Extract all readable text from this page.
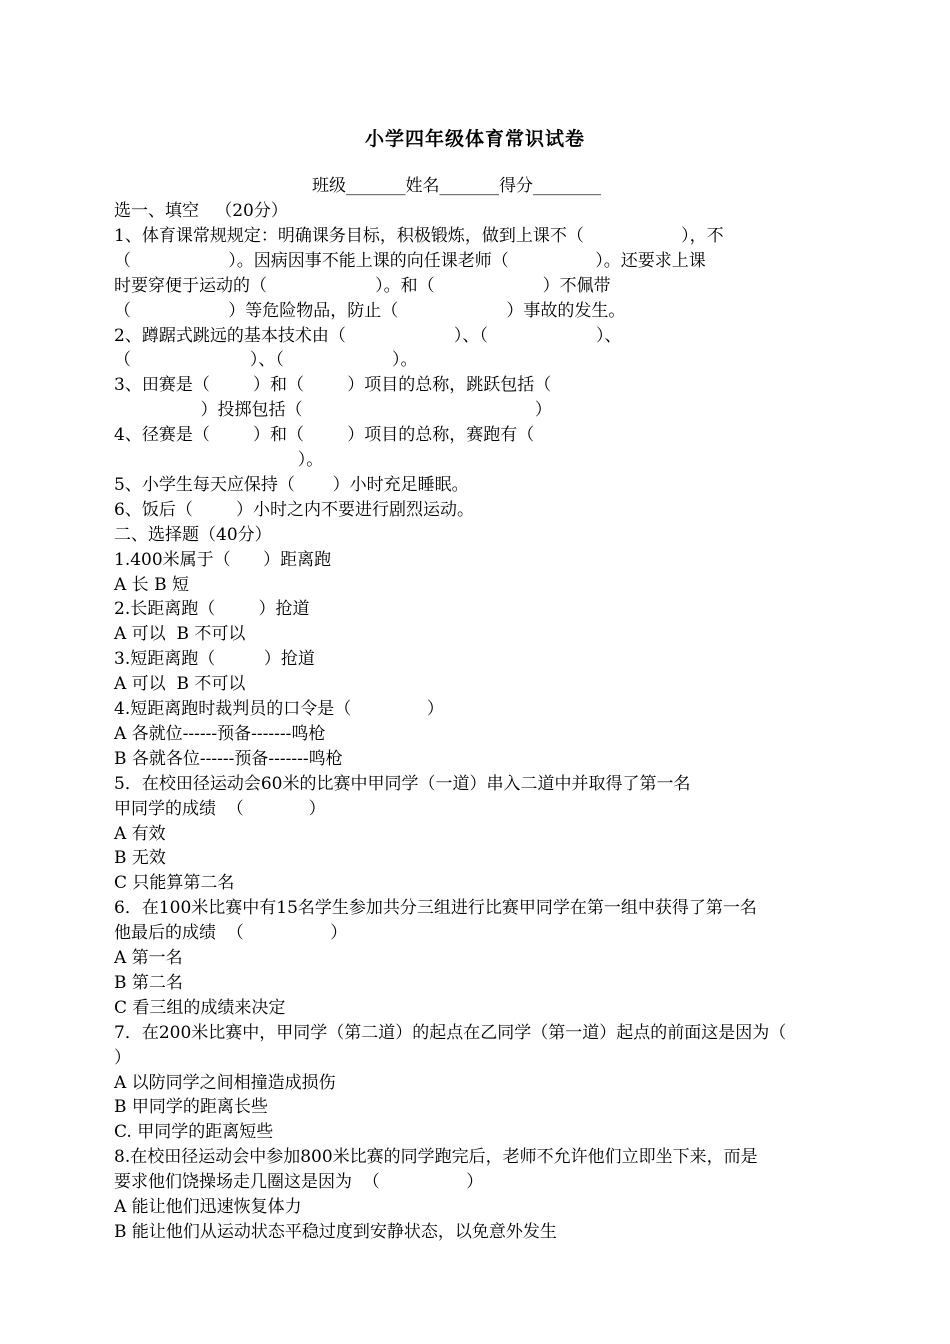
小学四年级体育常识试卷
班级_______姓名_______得分________
选一、填空   （20分）
1、体育课常规规定：明确课务目标，积极锻炼，做到上课不（                  ），不
（                  ）。因病因事不能上课的向任课老师（                ）。还要求上课
时要穿便于运动的（                    ）。和（                    ）不佩带
（                  ）等危险物品，防止（                    ）事故的发生。
2、蹲踞式跳远的基本技术由（                    ）、（                    ）、
（                      ）、（                    ）。
3、田赛是（        ）和（        ）项目的总称，跳跃包括（
）投掷包括（                                           ）
4、径赛是（        ）和（        ）项目的总称，赛跑有（
）。
5、小学生每天应保持（       ）小时充足睡眠。
6、饭后（        ）小时之内不要进行剧烈运动。
二、选择题（40分）
1.400米属于（      ）距离跑
A 长 B 短
2.长距离跑（        ）抢道
A 可以  B 不可以
3.短距离跑（         ）抢道
A 可以  B 不可以
4.短距离跑时裁判员的口令是（              ）
A 各就位------预备-------鸣枪
B 各就各位------预备-------鸣枪
5．在校田径运动会60米的比赛中甲同学（一道）串入二道中并取得了第一名
甲同学的成绩  （            ）
A 有效
B 无效
C 只能算第二名
6．在100米比赛中有15名学生参加共分三组进行比赛甲同学在第一组中获得了第一名
他最后的成绩  （                ）
A 第一名
B 第二名
C 看三组的成绩来决定
7．在200米比赛中，甲同学（第二道）的起点在乙同学（第一道）起点的前面这是因为（
）
A 以防同学之间相撞造成损伤
B 甲同学的距离长些
C. 甲同学的距离短些
8.在校田径运动会中参加800米比赛的同学跑完后，老师不允许他们立即坐下来，而是
要求他们饶操场走几圈这是因为  （                ）
A 能让他们迅速恢复体力
B 能让他们从运动状态平稳过度到安静状态，以免意外发生
